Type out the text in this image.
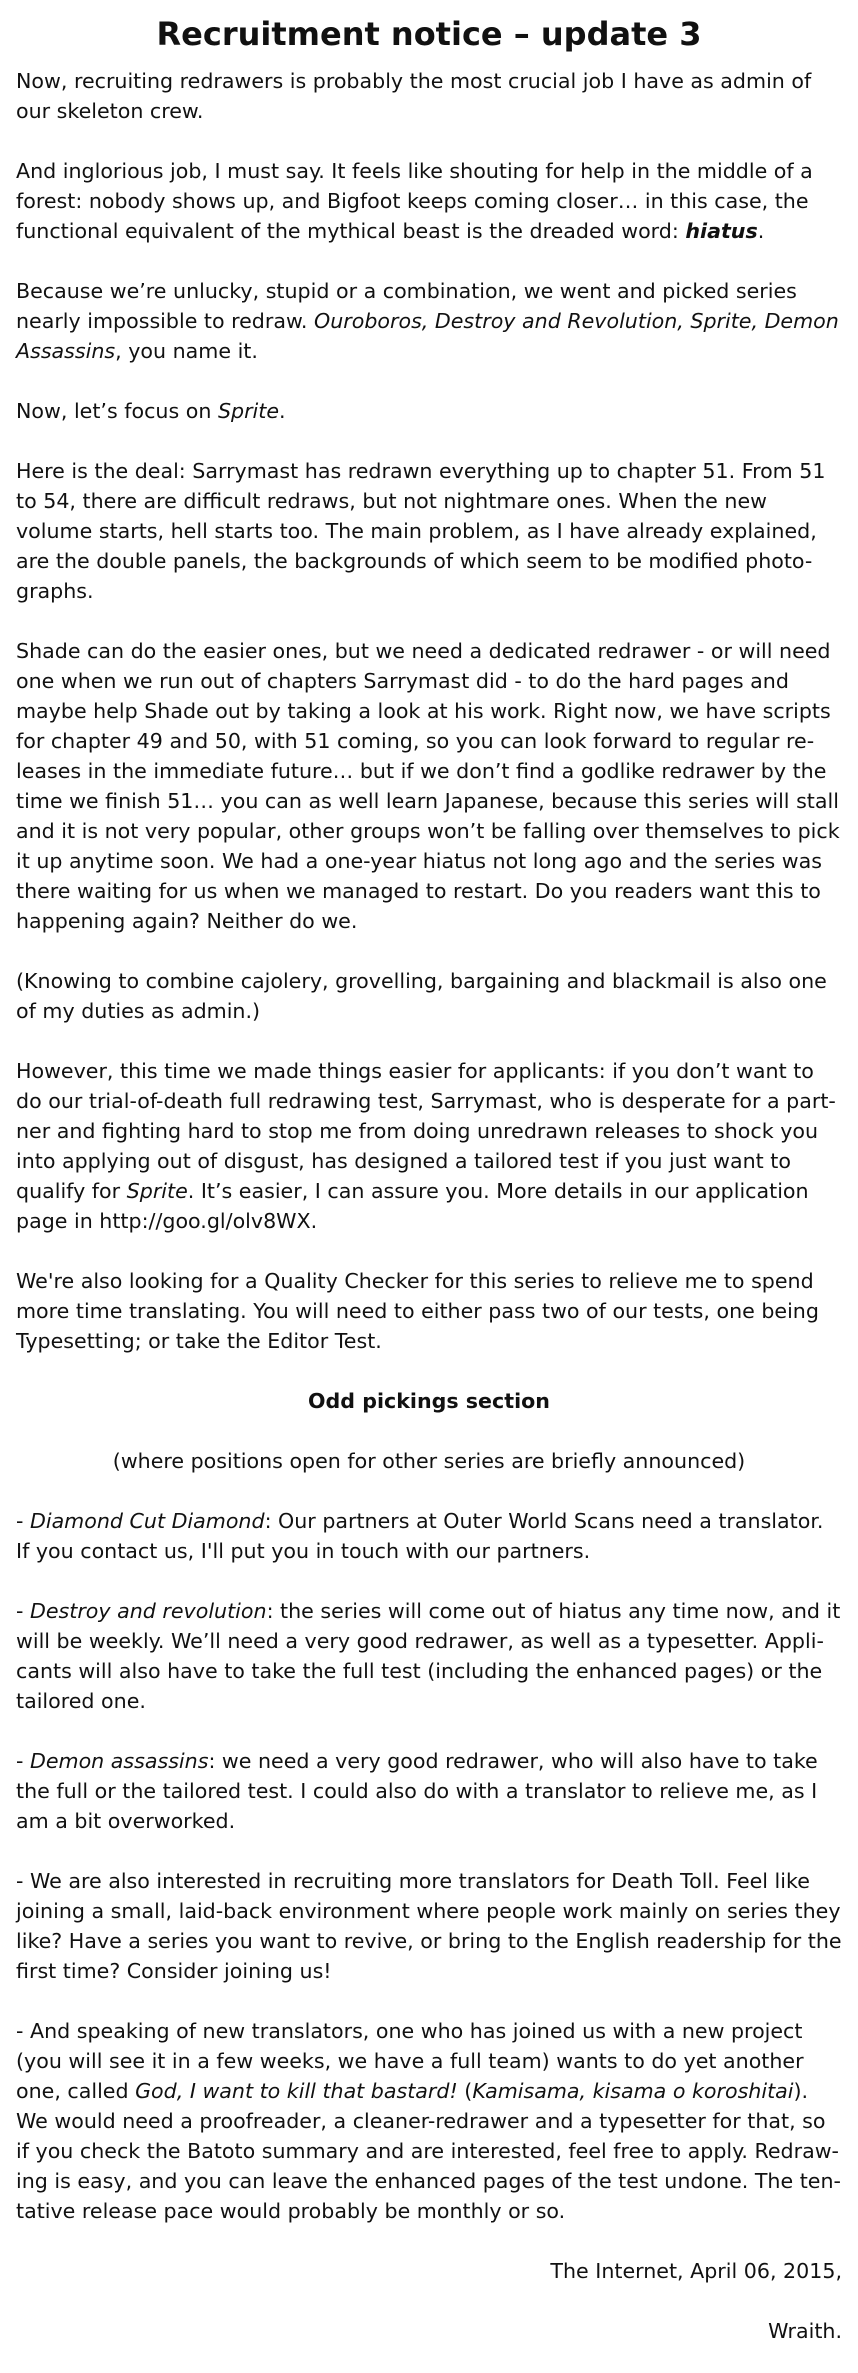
Recruitment notice – update 3

Now, recruiting redrawers is probably the most crucial job I have as admin of our skeleton crew.

And inglorious job, I must say. It feels like shouting for help in the middle of a forest: nobody shows up, and Bigfoot keeps coming closer… in this case, the functional equivalent of the mythical beast is the dreaded word: hiatus.

Because we’re unlucky, stupid or a combination, we went and picked series nearly impossible to redraw. Ouroboros, Destroy and Revolution, Sprite, Demon Assassins, you name it.

Now, let’s focus on Sprite.

Here is the deal: Sarrymast has redrawn everything up to chapter 51. From 51 to 54, there are difficult redraws, but not nightmare ones. When the new volume starts, hell starts too. The main problem, as I have already explained, are the double panels, the backgrounds of which seem to be modified photo-graphs.

Shade can do the easier ones, but we need a dedicated redrawer - or will need one when we run out of chapters Sarrymast did - to do the hard pages and maybe help Shade out by taking a look at his work. Right now, we have scripts for chapter 49 and 50, with 51 coming, so you can look forward to regular re-leases in the immediate future… but if we don’t find a godlike redrawer by the time we finish 51… you can as well learn Japanese, because this series will stall and it is not very popular, other groups won’t be falling over themselves to pick it up anytime soon. We had a one-year hiatus not long ago and the series was there waiting for us when we managed to restart. Do you readers want this to happening again? Neither do we.

(Knowing to combine cajolery, grovelling, bargaining and blackmail is also one of my duties as admin.)

However, this time we made things easier for applicants: if you don’t want to do our trial-of-death full redrawing test, Sarrymast, who is desperate for a part-ner and fighting hard to stop me from doing unredrawn releases to shock you into applying out of disgust, has designed a tailored test if you just want to qualify for Sprite. It’s easier, I can assure you. More details in our application page in http://goo.gl/olv8WX.

We're also looking for a Quality Checker for this series to relieve me to spend more time translating. You will need to either pass two of our tests, one being Typesetting; or take the Editor Test.

Odd pickings section

(where positions open for other series are briefly announced)

- Diamond Cut Diamond: Our partners at Outer World Scans need a translator. If you contact us, I'll put you in touch with our partners.

- Destroy and revolution: the series will come out of hiatus any time now, and it will be weekly. We’ll need a very good redrawer, as well as a typesetter. Appli-cants will also have to take the full test (including the enhanced pages) or the tailored one.

- Demon assassins: we need a very good redrawer, who will also have to take the full or the tailored test. I could also do with a translator to relieve me, as I am a bit overworked.

- We are also interested in recruiting more translators for Death Toll. Feel like joining a small, laid-back environment where people work mainly on series they like? Have a series you want to revive, or bring to the English readership for the first time? Consider joining us!

- And speaking of new translators, one who has joined us with a new project (you will see it in a few weeks, we have a full team) wants to do yet another one, called God, I want to kill that bastard! (Kamisama, kisama o koroshitai). We would need a proofreader, a cleaner-redrawer and a typesetter for that, so if you check the Batoto summary and are interested, feel free to apply. Redraw-ing is easy, and you can leave the enhanced pages of the test undone. The ten-tative release pace would probably be monthly or so.

The Internet, April 06, 2015,

Wraith.
